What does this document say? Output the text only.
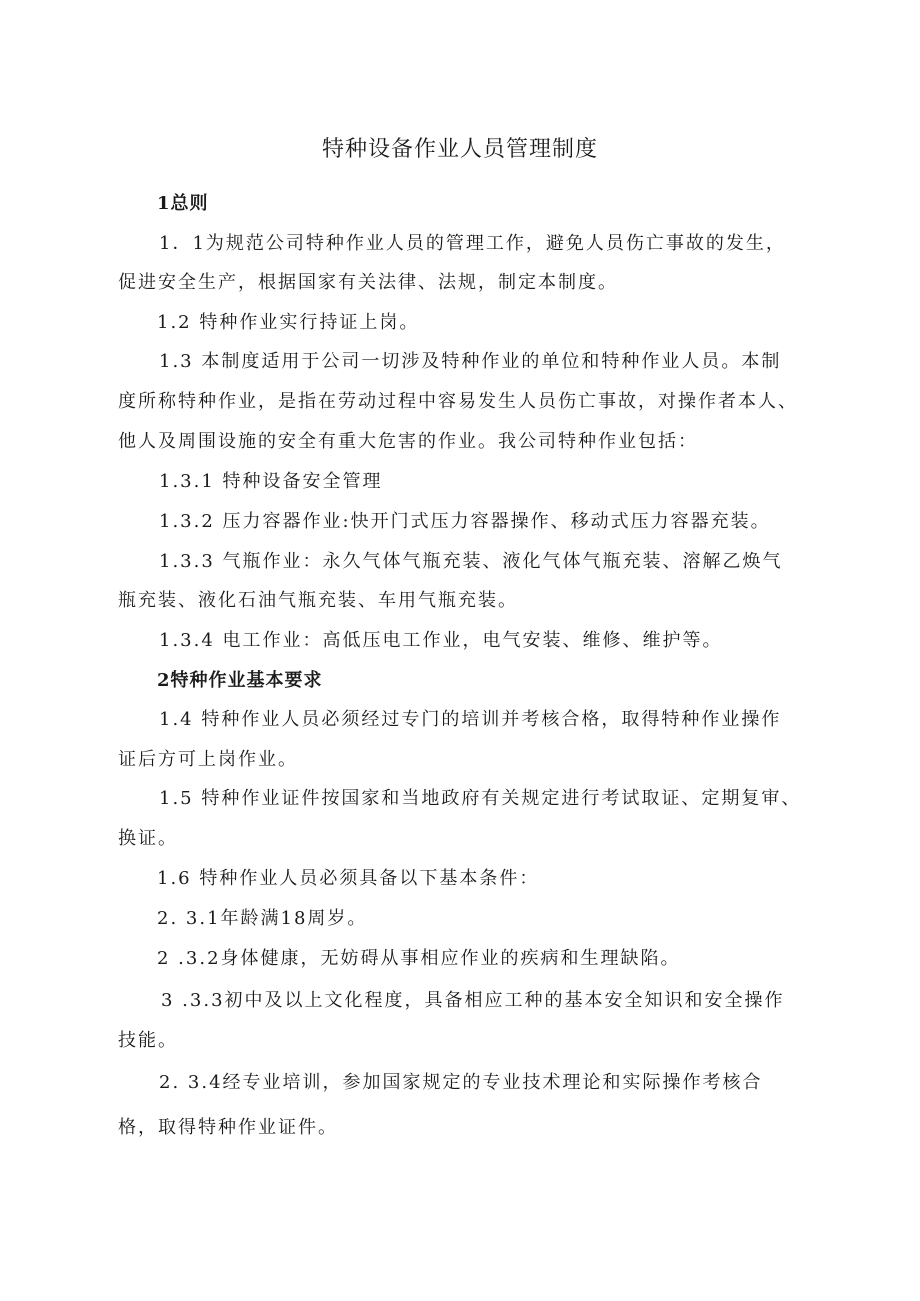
特种设备作业人员管理制度
1总则
1．1为规范公司特种作业人员的管理工作，避免人员伤亡事故的发生，
促进安全生产，根据国家有关法律、法规，制定本制度。
1.2 特种作业实行持证上岗。
1.3 本制度适用于公司一切涉及特种作业的单位和特种作业人员。本制
度所称特种作业，是指在劳动过程中容易发生人员伤亡事故，对操作者本人、
他人及周围设施的安全有重大危害的作业。我公司特种作业包括：
1.3.1 特种设备安全管理
1.3.2 压力容器作业:快开门式压力容器操作、移动式压力容器充装。
1.3.3 气瓶作业：永久气体气瓶充装、液化气体气瓶充装、溶解乙焕气
瓶充装、液化石油气瓶充装、车用气瓶充装。
1.3.4 电工作业：高低压电工作业，电气安装、维修、维护等。
2特种作业基本要求
1.4 特种作业人员必须经过专门的培训并考核合格，取得特种作业操作
证后方可上岗作业。
1.5 特种作业证件按国家和当地政府有关规定进行考试取证、定期复审、
换证。
1.6 特种作业人员必须具备以下基本条件：
2. 3.1年龄满18周岁。
2 .3.2身体健康，无妨碍从事相应作业的疾病和生理缺陷。
3 .3.3初中及以上文化程度，具备相应工种的基本安全知识和安全操作
技能。
2. 3.4经专业培训，参加国家规定的专业技术理论和实际操作考核合
格，取得特种作业证件。
